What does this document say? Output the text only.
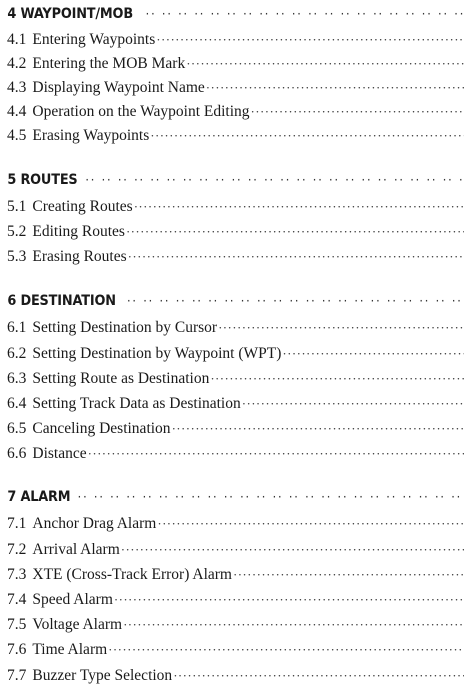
4 WAYPOINT/MOB
·· ··
4.1 Entering Waypoints
·····
4.2 Entering the MOB Mark
·····
4.3 Displaying Waypoint Name
·····
4.4 Operation on the Waypoint Editing
·····
4.5 Erasing Waypoints
·····
5 ROUTES
·· ··
5.1 Creating Routes
·····
5.2 Editing Routes
·····
5.3 Erasing Routes
·····
6 DESTINATION
·· ··
6.1 Setting Destination by Cursor
·····
6.2 Setting Destination by Waypoint (WPT)
·····
6.3 Setting Route as Destination
·····
6.4 Setting Track Data as Destination
·····
6.5 Canceling Destination
·····
6.6 Distance
·····
7 ALARM
·· ··
7.1 Anchor Drag Alarm
·····
7.2 Arrival Alarm
·····
7.3 XTE (Cross-Track Error) Alarm
·····
7.4 Speed Alarm
·····
7.5 Voltage Alarm
·····
7.6 Time Alarm
·····
7.7 Buzzer Type Selection
·····
